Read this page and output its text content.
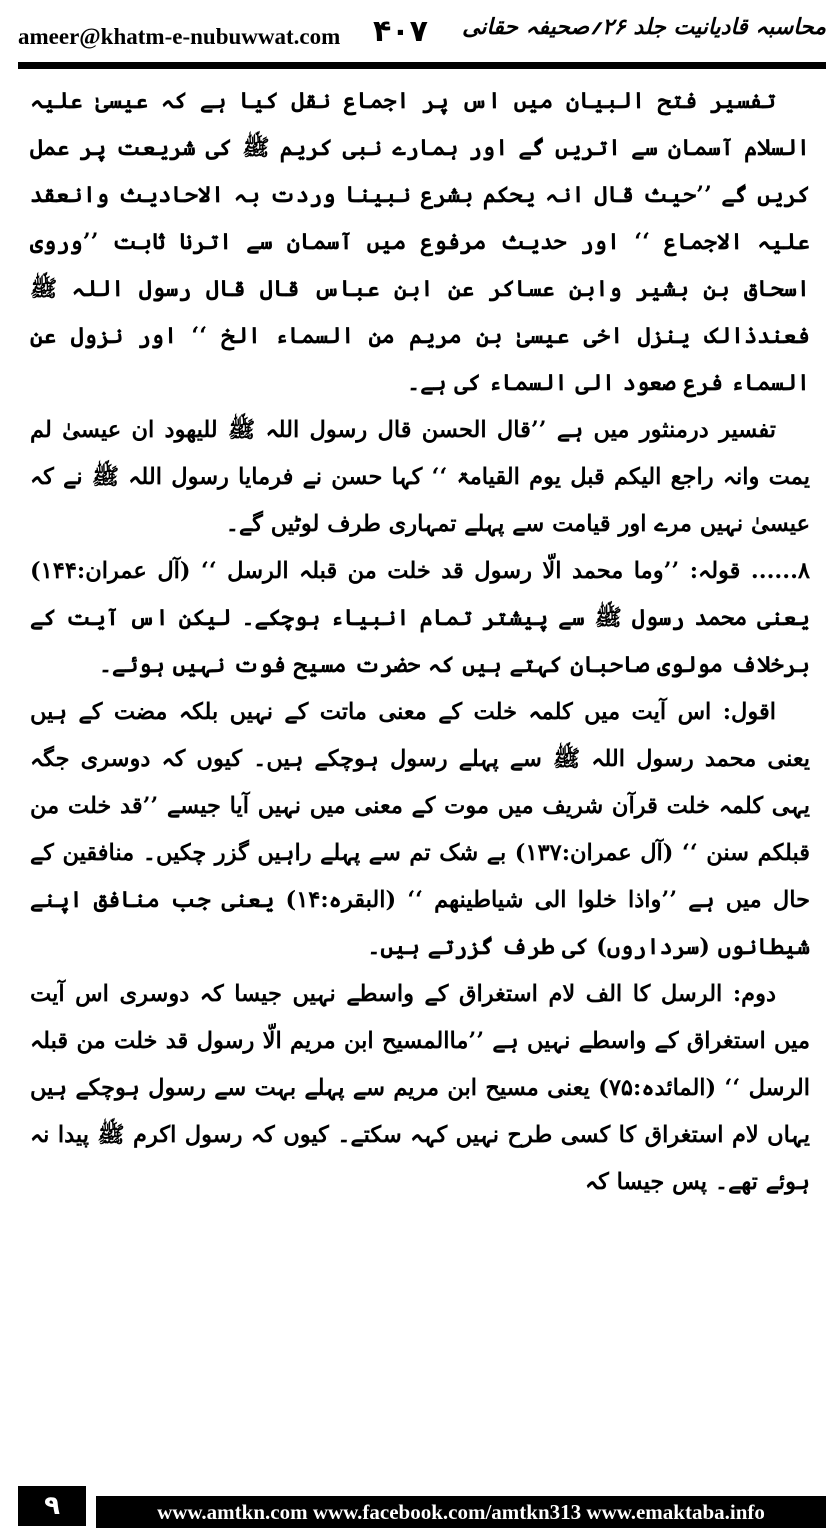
ameer@khatm-e-nubuwwat.com ۴۰۷ محاسبہ قادیانیت جلد ۲۶؍صحیفہ حقانی

تفسیر فتح البیان میں اس پر اجماع نقل کیا ہے کہ عیسیٰ علیہ السلام آسمان سے اتریں گے اور ہمارے نبی کریم ﷺ کی شریعت پر عمل کریں گے ’’حیث قال انہ یحکم بشرع نبینا وردت بہ الاحادیث وانعقد علیہ الاجماع ‘‘ اور حدیث مرفوع میں آسمان سے اترنا ثابت ’’وروی اسحاق بن بشیر وابن عساکر عن ابن عباس قال قال رسول اللہ ﷺ فعندذالک ینزل اخی عیسیٰ بن مریم من السماء الخ ‘‘ اور نزول عن السماء فرع صعود الی السماء کی ہے۔

تفسیر درمنثور میں ہے ’’قال الحسن قال رسول اللہ ﷺ للیھود ان عیسیٰ لم یمت وانہ راجع الیکم قبل یوم القیامۃ ‘‘ کہا حسن نے فرمایا رسول اللہ ﷺ نے کہ عیسیٰ نہیں مرے اور قیامت سے پہلے تمہاری طرف لوٹیں گے۔

۸...... قولہ: ’’وما محمد الّا رسول قد خلت من قبلہ الرسل ‘‘ (آل عمران:۱۴۴) یعنی محمد رسول ﷺ سے پیشتر تمام انبیاء ہوچکے۔ لیکن اس آیت کے برخلاف مولوی صاحبان کہتے ہیں کہ حضرت مسیح فوت نہیں ہوئے۔

اقول: اس آیت میں کلمہ خلت کے معنی ماتت کے نہیں بلکہ مضت کے ہیں یعنی محمد رسول اللہ ﷺ سے پہلے رسول ہوچکے ہیں۔ کیوں کہ دوسری جگہ یہی کلمہ خلت قرآن شریف میں موت کے معنی میں نہیں آیا جیسے ’’قد خلت من قبلکم سنن ‘‘ (آل عمران:۱۳۷) بے شک تم سے پہلے راہیں گزر چکیں۔ منافقین کے حال میں ہے ’’واذا خلوا الی شیاطینھم ‘‘ (البقرہ:۱۴) یعنی جب منافق اپنے شیطانوں (سرداروں) کی طرف گزرتے ہیں۔

دوم: الرسل کا الف لام استغراق کے واسطے نہیں جیسا کہ دوسری اس آیت میں استغراق کے واسطے نہیں ہے ’’ماالمسیح ابن مریم الّا رسول قد خلت من قبلہ الرسل ‘‘ (المائدہ:۷۵) یعنی مسیح ابن مریم سے پہلے بہت سے رسول ہوچکے ہیں یہاں لام استغراق کا کسی طرح نہیں کہہ سکتے۔ کیوں کہ رسول اکرم ﷺ پیدا نہ ہوئے تھے۔ پس جیسا کہ

۹	www.amtkn.com www.facebook.com/amtkn313 www.emaktaba.info
